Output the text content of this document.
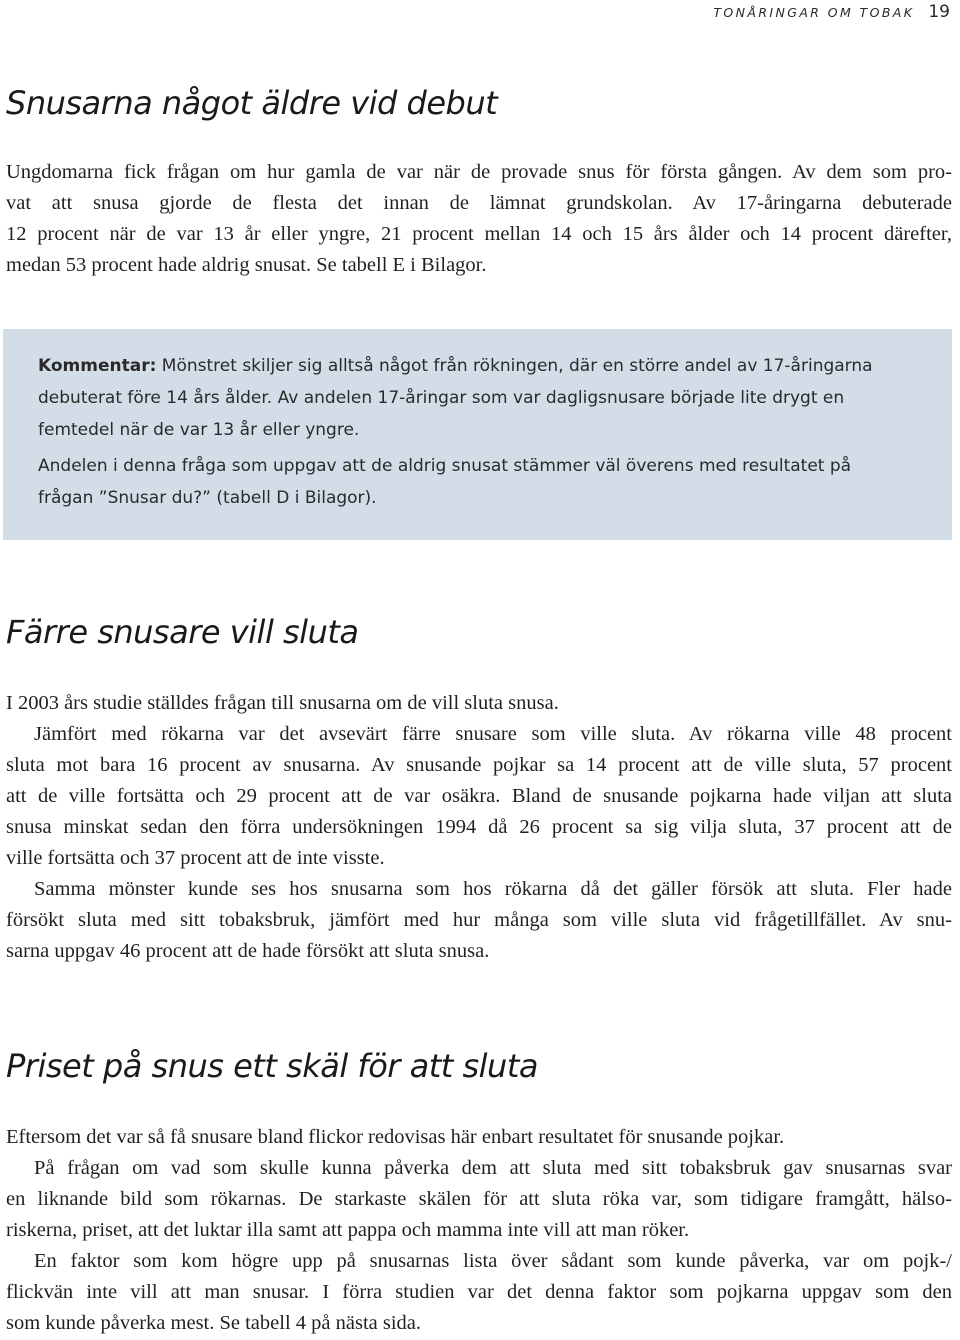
TONÅRINGAR OM TOBAK 19
Snusarna något äldre vid debut
Ungdomarna fick frågan om hur gamla de var när de provade snus för första gången. Av dem som pro-
vat att snusa gjorde de flesta det innan de lämnat grundskolan. Av 17-åringarna debuterade
12 procent när de var 13 år eller yngre, 21 procent mellan 14 och 15 års ålder och 14 procent därefter,
medan 53 procent hade aldrig snusat. Se tabell E i Bilagor.
Kommentar: Mönstret skiljer sig alltså något från rökningen, där en större andel av 17-åringarna
debuterat före 14 års ålder. Av andelen 17-åringar som var dagligsnusare började lite drygt en
femtedel när de var 13 år eller yngre.
Andelen i denna fråga som uppgav att de aldrig snusat stämmer väl överens med resultatet på
frågan ”Snusar du?” (tabell D i Bilagor).
Färre snusare vill sluta
I 2003 års studie ställdes frågan till snusarna om de vill sluta snusa.
Jämfört med rökarna var det avsevärt färre snusare som ville sluta. Av rökarna ville 48 procent
sluta mot bara 16 procent av snusarna. Av snusande pojkar sa 14 procent att de ville sluta, 57 procent
att de ville fortsätta och 29 procent att de var osäkra. Bland de snusande pojkarna hade viljan att sluta
snusa minskat sedan den förra undersökningen 1994 då 26 procent sa sig vilja sluta, 37 procent att de
ville fortsätta och 37 procent att de inte visste.
Samma mönster kunde ses hos snusarna som hos rökarna då det gäller försök att sluta. Fler hade
försökt sluta med sitt tobaksbruk, jämfört med hur många som ville sluta vid frågetillfället. Av snu-
sarna uppgav 46 procent att de hade försökt att sluta snusa.
Priset på snus ett skäl för att sluta
Eftersom det var så få snusare bland flickor redovisas här enbart resultatet för snusande pojkar.
På frågan om vad som skulle kunna påverka dem att sluta med sitt tobaksbruk gav snusarnas svar
en liknande bild som rökarnas. De starkaste skälen för att sluta röka var, som tidigare framgått, hälso-
riskerna, priset, att det luktar illa samt att pappa och mamma inte vill att man röker.
En faktor som kom högre upp på snusarnas lista över sådant som kunde påverka, var om pojk-/
flickvän inte vill att man snusar. I förra studien var det denna faktor som pojkarna uppgav som den
som kunde påverka mest. Se tabell 4 på nästa sida.
